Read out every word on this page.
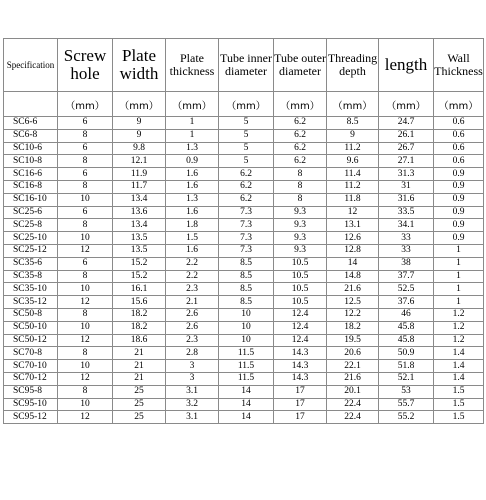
Specification	Screw hole	Plate width	Plate thickness	Tube inner diameter	Tube outer diameter	Threading depth	length	Wall Thickness
	（mm）	（mm）	（mm）	（mm）	（mm）	（mm）	（mm）	（mm）
SC6-6	6	9	1	5	6.2	8.5	24.7	0.6
SC6-8	8	9	1	5	6.2	9	26.1	0.6
SC10-6	6	9.8	1.3	5	6.2	11.2	26.7	0.6
SC10-8	8	12.1	0.9	5	6.2	9.6	27.1	0.6
SC16-6	6	11.9	1.6	6.2	8	11.4	31.3	0.9
SC16-8	8	11.7	1.6	6.2	8	11.2	31	0.9
SC16-10	10	13.4	1.3	6.2	8	11.8	31.6	0.9
SC25-6	6	13.6	1.6	7.3	9.3	12	33.5	0.9
SC25-8	8	13.4	1.8	7.3	9.3	13.1	34.1	0.9
SC25-10	10	13.5	1.5	7.3	9.3	12.6	33	0.9
SC25-12	12	13.5	1.6	7.3	9.3	12.8	33	1
SC35-6	6	15.2	2.2	8.5	10.5	14	38	1
SC35-8	8	15.2	2.2	8.5	10.5	14.8	37.7	1
SC35-10	10	16.1	2.3	8.5	10.5	21.6	52.5	1
SC35-12	12	15.6	2.1	8.5	10.5	12.5	37.6	1
SC50-8	8	18.2	2.6	10	12.4	12.2	46	1.2
SC50-10	10	18.2	2.6	10	12.4	18.2	45.8	1.2
SC50-12	12	18.6	2.3	10	12.4	19.5	45.8	1.2
SC70-8	8	21	2.8	11.5	14.3	20.6	50.9	1.4
SC70-10	10	21	3	11.5	14.3	22.1	51.8	1.4
SC70-12	12	21	3	11.5	14.3	21.6	52.1	1.4
SC95-8	8	25	3.1	14	17	20.1	53	1.5
SC95-10	10	25	3.2	14	17	22.4	55.7	1.5
SC95-12	12	25	3.1	14	17	22.4	55.2	1.5
